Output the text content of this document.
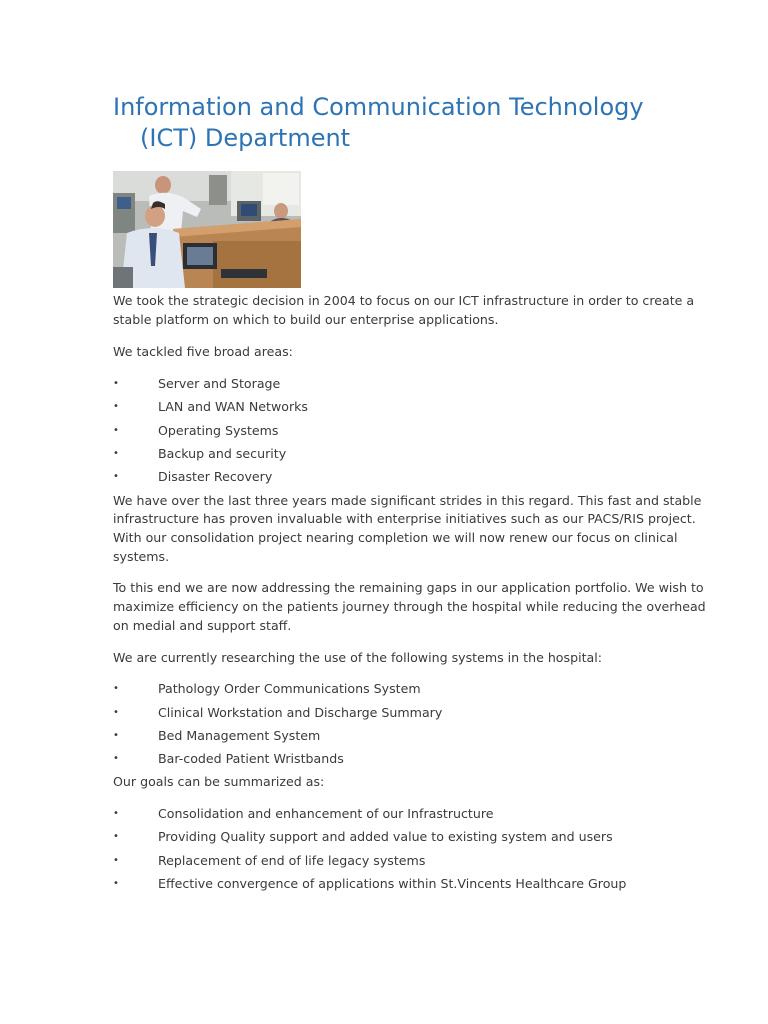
Information and Communication Technology
(ICT) Department

We took the strategic decision in 2004 to focus on our ICT infrastructure in order to create a stable platform on which to build our enterprise applications.

We tackled five broad areas:

•	Server and Storage
•	LAN and WAN Networks
•	Operating Systems
•	Backup and security
•	Disaster Recovery

We have over the last three years made significant strides in this regard. This fast and stable infrastructure has proven invaluable with enterprise initiatives such as our PACS/RIS project. With our consolidation project nearing completion we will now renew our focus on clinical systems.

To this end we are now addressing the remaining gaps in our application portfolio. We wish to maximize efficiency on the patients journey through the hospital while reducing the overhead on medial and support staff.

We are currently researching the use of the following systems in the hospital:

•	Pathology Order Communications System
•	Clinical Workstation and Discharge Summary
•	Bed Management System
•	Bar-coded Patient Wristbands

Our goals can be summarized as:

•	Consolidation and enhancement of our Infrastructure
•	Providing Quality support and added value to existing system and users
•	Replacement of end of life legacy systems
•	Effective convergence of applications within St.Vincents Healthcare Group
